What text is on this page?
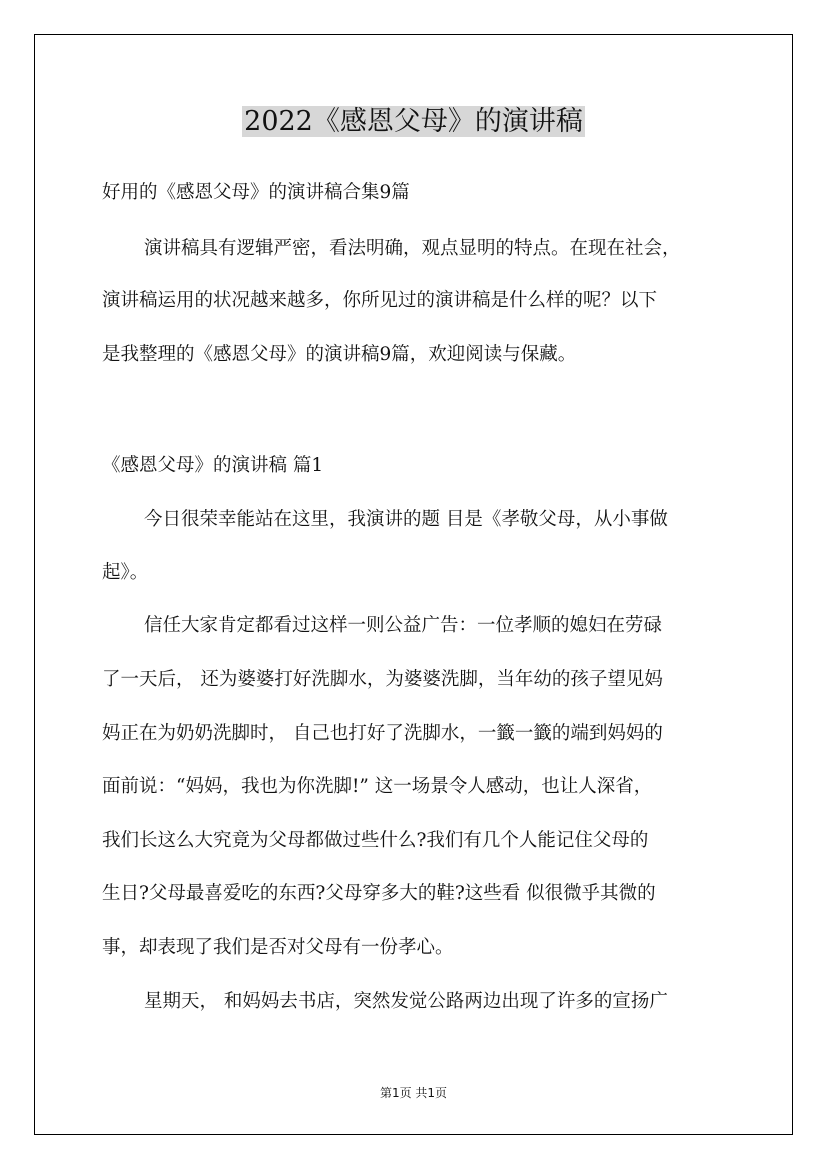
2022《感恩父母》的演讲稿
好用的《感恩父母》的演讲稿合集9篇
演讲稿具有逻辑严密，看法明确，观点显明的特点。在现在社会，
演讲稿运用的状况越来越多，你所见过的演讲稿是什么样的呢？以下
是我整理的《感恩父母》的演讲稿9篇，欢迎阅读与保藏。
《感恩父母》的演讲稿 篇1
今日很荣幸能站在这里，我演讲的题 目是《孝敬父母，从小事做
起》。
信任大家肯定都看过这样一则公益广告：一位孝顺的媳妇在劳碌
了一天后， 还为婆婆打好洗脚水，为婆婆洗脚，当年幼的孩子望见妈
妈正在为奶奶洗脚时， 自己也打好了洗脚水，一籤一籤的端到妈妈的
面前说：“妈妈，我也为你洗脚!” 这一场景令人感动，也让人深省，
我们长这么大究竟为父母都做过些什么?我们有几个人能记住父母的
生日?父母最喜爱吃的东西?父母穿多大的鞋?这些看 似很微乎其微的
事，却表现了我们是否对父母有一份孝心。
星期天， 和妈妈去书店，突然发觉公路两边出现了许多的宣扬广
第1页 共1页
